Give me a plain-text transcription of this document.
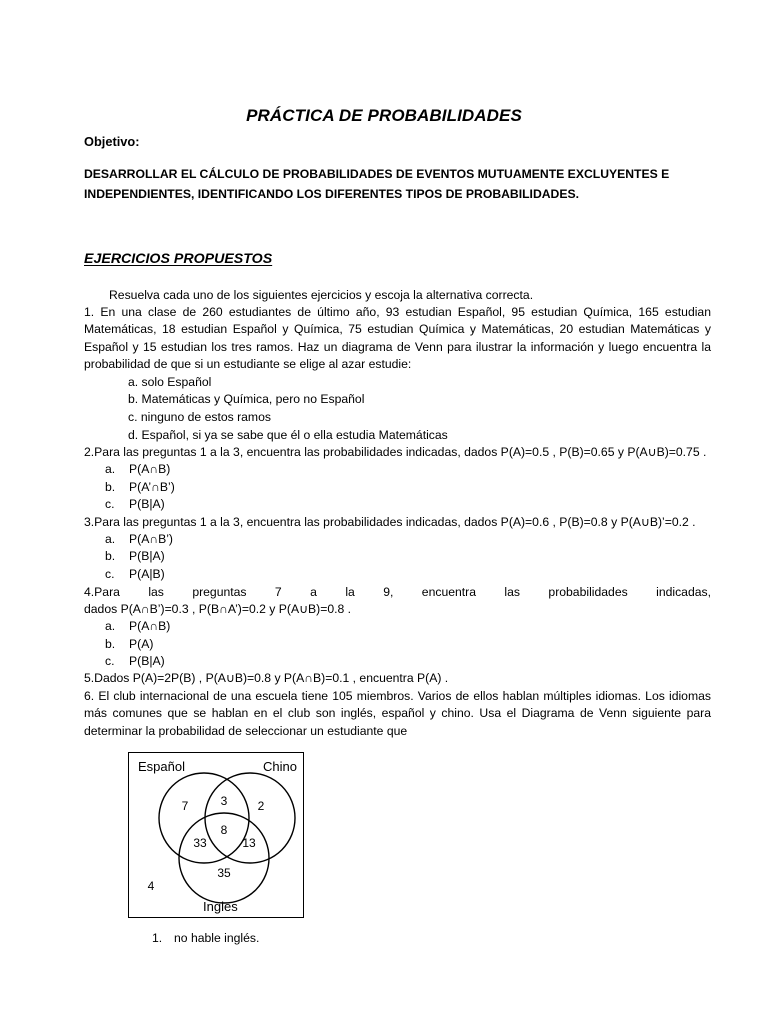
PRÁCTICA DE PROBABILIDADES
Objetivo:
DESARROLLAR EL CÁLCULO DE PROBABILIDADES DE EVENTOS MUTUAMENTE EXCLUYENTES E INDEPENDIENTES, IDENTIFICANDO LOS DIFERENTES TIPOS DE PROBABILIDADES.
EJERCICIOS PROPUESTOS
Resuelva cada uno de los siguientes ejercicios y escoja la alternativa correcta.
1. En una clase de 260 estudiantes de último año, 93 estudian Español, 95 estudian Química, 165 estudian Matemáticas, 18 estudian Español y Química, 75 estudian Química y Matemáticas, 20 estudian Matemáticas y Español y 15 estudian los tres ramos. Haz un diagrama de Venn para ilustrar la información y luego encuentra la probabilidad de que si un estudiante se elige al azar estudie:
a. solo Español
b. Matemáticas y Química, pero no Español
c. ninguno de estos ramos
d. Español, si ya se sabe que él o ella estudia Matemáticas
2.Para las preguntas 1 a la 3, encuentra las probabilidades indicadas, dados P(A)=0.5 , P(B)=0.65 y P(A∪B)=0.75 .
a. P(A∩B)
b. P(A’∩B’)
c. P(B|A)
3.Para las preguntas 1 a la 3, encuentra las probabilidades indicadas, dados P(A)=0.6 , P(B)=0.8 y P(A∪B)’=0.2 .
a. P(A∩B’)
b. P(B|A)
c. P(A|B)
4.Para las preguntas 7 a la 9, encuentra las probabilidades indicadas,
dados P(A∩B’)=0.3 , P(B∩A’)=0.2 y P(A∪B)=0.8 .
a. P(A∩B)
b. P(A)
c. P(B|A)
5.Dados P(A)=2P(B) , P(A∪B)=0.8 y P(A∩B)=0.1 , encuentra P(A) .
6. El club internacional de una escuela tiene 105 miembros. Varios de ellos hablan múltiples idiomas. Los idiomas más comunes que se hablan en el club son inglés, español y chino. Usa el Diagrama de Venn siguiente para determinar la probabilidad de seleccionar un estudiante que
Español	Chino
Ingles
7	3	2
8
33	13
35
4
1. no hable inglés.
